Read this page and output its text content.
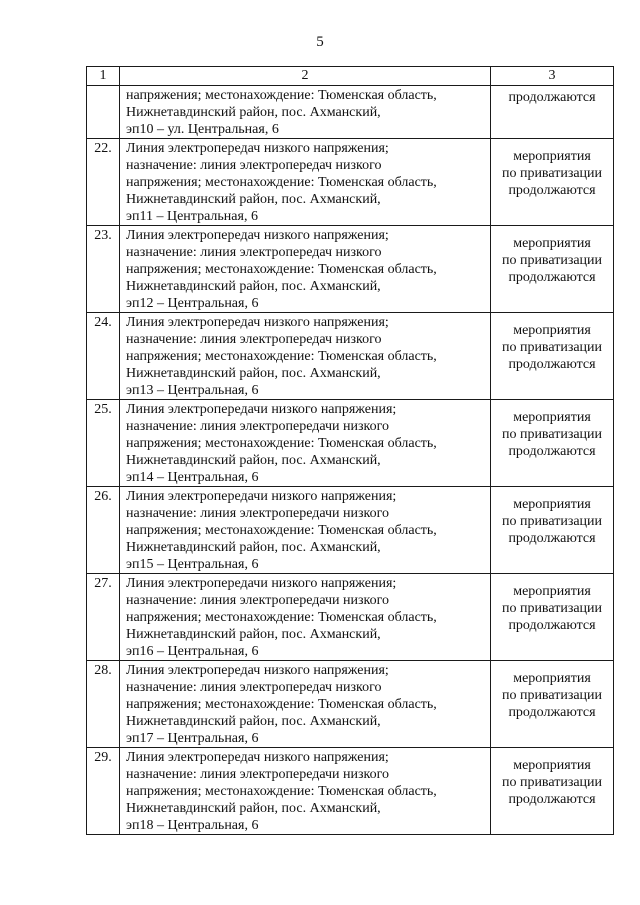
5
1	2	3

	напряжения; местонахождение: Тюменская область,
Нижнетавдинский район, пос. Ахманский,
эп10 – ул. Центральная, 6	продолжаются

22.	Линия электропередач низкого напряжения;
назначение: линия электропередач низкого
напряжения; местонахождение: Тюменская область,
Нижнетавдинский район, пос. Ахманский,
эп11 – Центральная, 6	мероприятия
по приватизации
продолжаются

23.	Линия электропередач низкого напряжения;
назначение: линия электропередач низкого
напряжения; местонахождение: Тюменская область,
Нижнетавдинский район, пос. Ахманский,
эп12 – Центральная, 6	мероприятия
по приватизации
продолжаются

24.	Линия электропередач низкого напряжения;
назначение: линия электропередач низкого
напряжения; местонахождение: Тюменская область,
Нижнетавдинский район, пос. Ахманский,
эп13 – Центральная, 6	мероприятия
по приватизации
продолжаются

25.	Линия электропередачи низкого напряжения;
назначение: линия электропередачи низкого
напряжения; местонахождение: Тюменская область,
Нижнетавдинский район, пос. Ахманский,
эп14 – Центральная, 6	мероприятия
по приватизации
продолжаются

26.	Линия электропередачи низкого напряжения;
назначение: линия электропередачи низкого
напряжения; местонахождение: Тюменская область,
Нижнетавдинский район, пос. Ахманский,
эп15 – Центральная, 6	мероприятия
по приватизации
продолжаются

27.	Линия электропередачи низкого напряжения;
назначение: линия электропередачи низкого
напряжения; местонахождение: Тюменская область,
Нижнетавдинский район, пос. Ахманский,
эп16 – Центральная, 6	мероприятия
по приватизации
продолжаются

28.	Линия электропередач низкого напряжения;
назначение: линия электропередач низкого
напряжения; местонахождение: Тюменская область,
Нижнетавдинский район, пос. Ахманский,
эп17 – Центральная, 6	мероприятия
по приватизации
продолжаются

29.	Линия электропередач низкого напряжения;
назначение: линия электропередачи низкого
напряжения; местонахождение: Тюменская область,
Нижнетавдинский район, пос. Ахманский,
эп18 – Центральная, 6	мероприятия
по приватизации
продолжаются
